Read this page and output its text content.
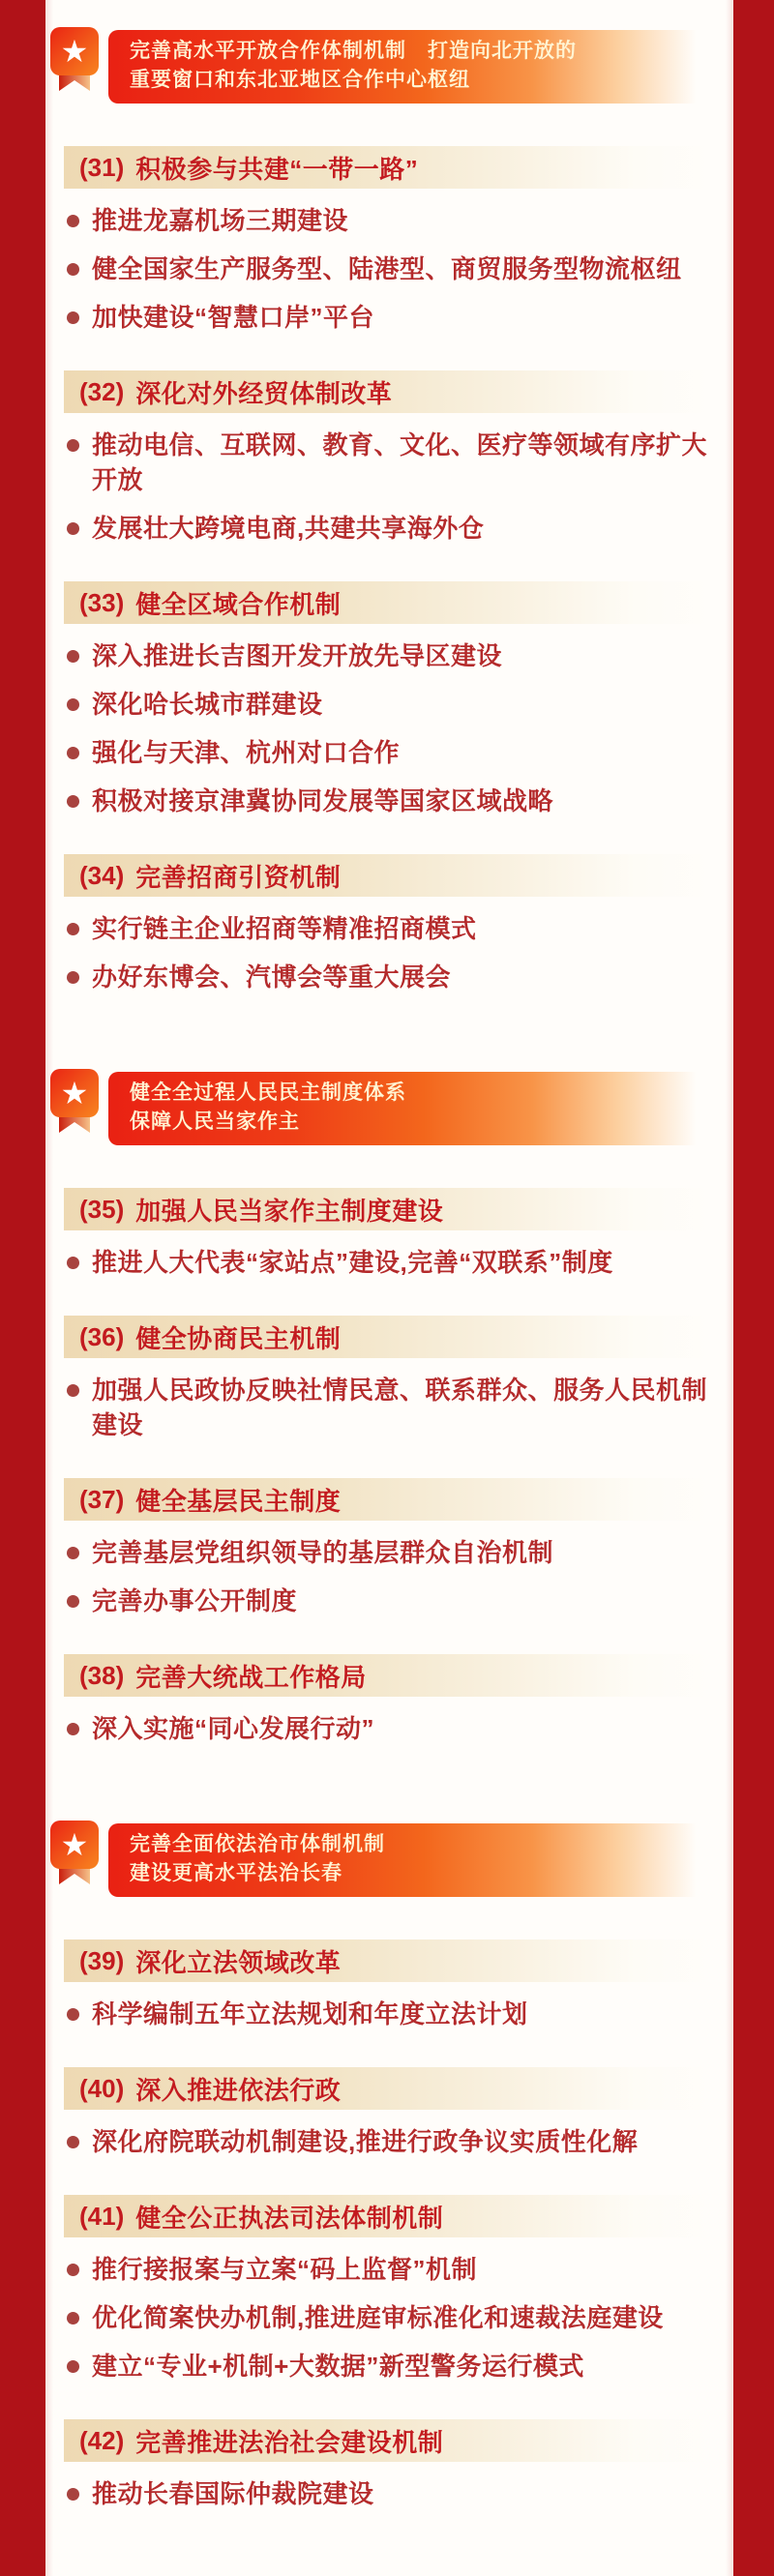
★ 完善高水平开放合作体制机制　打造向北开放的
重要窗口和东北亚地区合作中心枢纽
(31) 积极参与共建“一带一路”
推进龙嘉机场三期建设
健全国家生产服务型、陆港型、商贸服务型物流枢纽
加快建设“智慧口岸”平台
(32) 深化对外经贸体制改革
推动电信、互联网、教育、文化、医疗等领域有序扩大开放
发展壮大跨境电商,共建共享海外仓
(33) 健全区域合作机制
深入推进长吉图开发开放先导区建设
深化哈长城市群建设
强化与天津、杭州对口合作
积极对接京津冀协同发展等国家区域战略
(34) 完善招商引资机制
实行链主企业招商等精准招商模式
办好东博会、汽博会等重大展会
★ 健全全过程人民民主制度体系
保障人民当家作主
(35) 加强人民当家作主制度建设
推进人大代表“家站点”建设,完善“双联系”制度
(36) 健全协商民主机制
加强人民政协反映社情民意、联系群众、服务人民机制建设
(37) 健全基层民主制度
完善基层党组织领导的基层群众自治机制
完善办事公开制度
(38) 完善大统战工作格局
深入实施“同心发展行动”
★ 完善全面依法治市体制机制
建设更高水平法治长春
(39) 深化立法领域改革
科学编制五年立法规划和年度立法计划
(40) 深入推进依法行政
深化府院联动机制建设,推进行政争议实质性化解
(41) 健全公正执法司法体制机制
推行接报案与立案“码上监督”机制
优化简案快办机制,推进庭审标准化和速裁法庭建设
建立“专业+机制+大数据”新型警务运行模式
(42) 完善推进法治社会建设机制
推动长春国际仲裁院建设
